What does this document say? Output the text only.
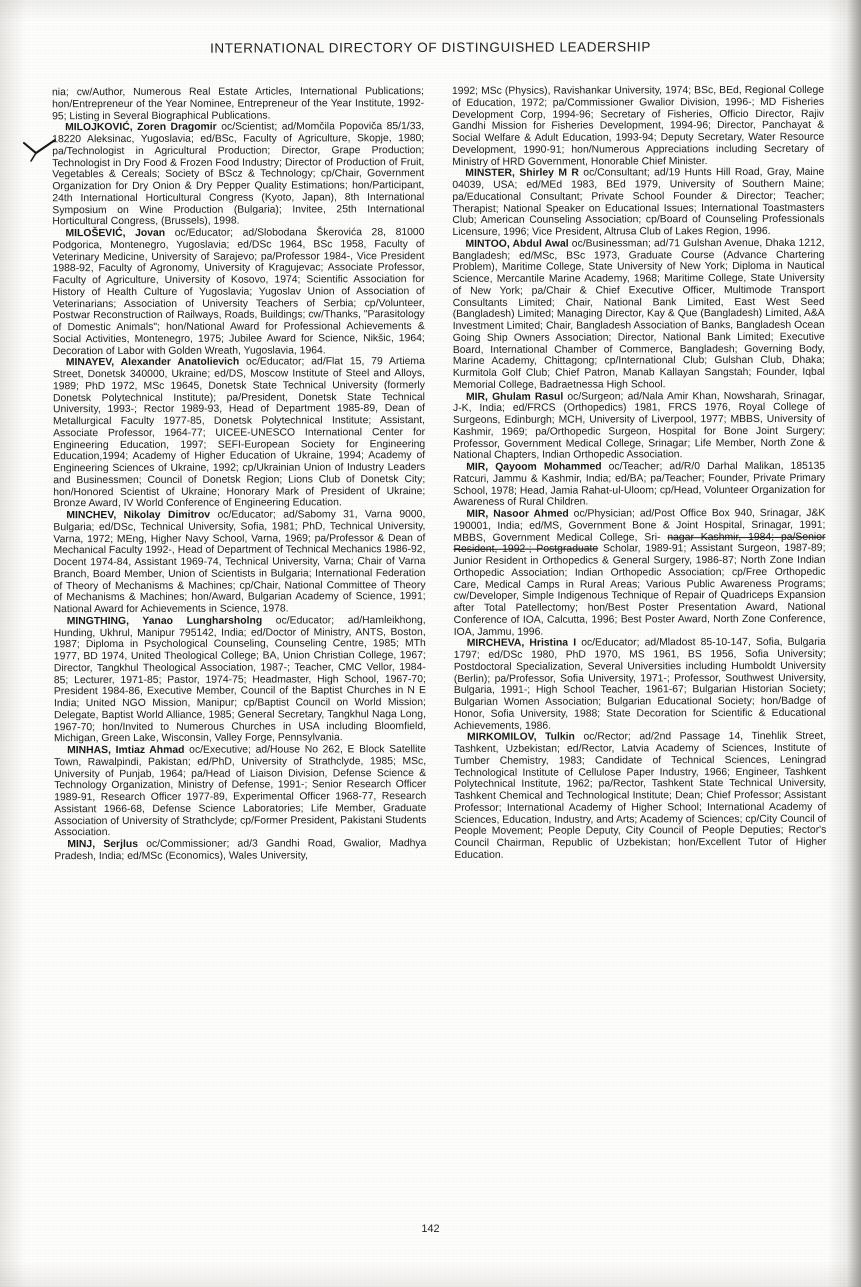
INTERNATIONAL DIRECTORY OF DISTINGUISHED LEADERSHIP

nia; cw/Author, Numerous Real Estate Articles, International Publications; hon/Entrepreneur of the Year Nominee, Entrepreneur of the Year Institute, 1992-95; Listing in Several Biographical Publications.

MILOJKOVIĆ, Zoren Dragomir oc/Scientist; ad/Momčila Popoviča 85/1/33, 18220 Aleksinac, Yugoslavia; ed/BSc, Faculty of Agriculture, Skopje, 1980; pa/Technologist in Agricultural Production; Director, Grape Production; Technologist in Dry Food & Frozen Food Industry; Director of Production of Fruit, Vegetables & Cereals; Society of BScz & Technology; cp/Chair, Government Organization for Dry Onion & Dry Pepper Quality Estimations; hon/Participant, 24th International Horticultural Congress (Kyoto, Japan), 8th International Symposium on Wine Production (Bulgaria); Invitee, 25th International Horticultural Congress, (Brussels), 1998.

MILOŠEVIĆ, Jovan oc/Educator; ad/Slobodana Škerovića 28, 81000 Podgorica, Montenegro, Yugoslavia; ed/DSc 1964, BSc 1958, Faculty of Veterinary Medicine, University of Sarajevo; pa/Professor 1984-, Vice President 1988-92, Faculty of Agronomy, University of Kragujevac; Associate Professor, Faculty of Agriculture, University of Kosovo, 1974; Scientific Association for History of Health Culture of Yugoslavia; Yugoslav Union of Association of Veterinarians; Association of University Teachers of Serbia; cp/Volunteer, Postwar Reconstruction of Railways, Roads, Buildings; cw/Thanks, "Parasitology of Domestic Animals"; hon/National Award for Professional Achievements & Social Activities, Montenegro, 1975; Jubilee Award for Science, Nikšic, 1964; Decoration of Labor with Golden Wreath, Yugoslavia, 1964.

MINAYEV, Alexander Anatolievich oc/Educator; ad/Flat 15, 79 Artiema Street, Donetsk 340000, Ukraine; ed/DS, Moscow Institute of Steel and Alloys, 1989; PhD 1972, MSc 19645, Donetsk State Technical University (formerly Donetsk Polytechnical Institute); pa/President, Donetsk State Technical University, 1993-; Rector 1989-93, Head of Department 1985-89, Dean of Metallurgical Faculty 1977-85, Donetsk Polytechnical Institute; Assistant, Associate Professor, 1964-77; UICEE-UNESCO International Center for Engineering Education, 1997; SEFI-European Society for Engineering Education,1994; Academy of Higher Education of Ukraine, 1994; Academy of Engineering Sciences of Ukraine, 1992; cp/Ukrainian Union of Industry Leaders and Businessmen; Council of Donetsk Region; Lions Club of Donetsk City; hon/Honored Scientist of Ukraine; Honorary Mark of President of Ukraine; Bronze Award, IV World Conference of Engineering Education.

MINCHEV, Nikolay Dimitrov oc/Educator; ad/Sabomy 31, Varna 9000, Bulgaria; ed/DSc, Technical University, Sofia, 1981; PhD, Technical University, Varna, 1972; MEng, Higher Navy School, Varna, 1969; pa/Professor & Dean of Mechanical Faculty 1992-, Head of Department of Technical Mechanics 1986-92, Docent 1974-84, Assistant 1969-74, Technical University, Varna; Chair of Varna Branch, Board Member, Union of Scientists in Bulgaria; International Federation of Theory of Mechanisms & Machines; cp/Chair, National Committee of Theory of Mechanisms & Machines; hon/Award, Bulgarian Academy of Science, 1991; National Award for Achievements in Science, 1978.

MINGTHING, Yanao Lungharsholng oc/Educator; ad/Hamleikhong, Hunding, Ukhrul, Manipur 795142, India; ed/Doctor of Ministry, ANTS, Boston, 1987; Diploma in Psychological Counseling, Counseling Centre, 1985; MTh 1977, BD 1974, United Theological College; BA, Union Christian College, 1967; Director, Tangkhul Theological Association, 1987-; Teacher, CMC Vellor, 1984-85; Lecturer, 1971-85; Pastor, 1974-75; Headmaster, High School, 1967-70; President 1984-86, Executive Member, Council of the Baptist Churches in N E India; United NGO Mission, Manipur; cp/Baptist Council on World Mission; Delegate, Baptist World Alliance, 1985; General Secretary, Tangkhul Naga Long, 1967-70; hon/Invited to Numerous Churches in USA including Bloomfield, Michigan, Green Lake, Wisconsin, Valley Forge, Pennsylvania.

MINHAS, Imtiaz Ahmad oc/Executive; ad/House No 262, E Block Satellite Town, Rawalpindi, Pakistan; ed/PhD, University of Strathclyde, 1985; MSc, University of Punjab, 1964; pa/Head of Liaison Division, Defense Science & Technology Organization, Ministry of Defense, 1991-; Senior Research Officer 1989-91, Research Officer 1977-89, Experimental Officer 1968-77, Research Assistant 1966-68, Defense Science Laboratories; Life Member, Graduate Association of University of Strathclyde; cp/Former President, Pakistani Students Association.

MINJ, Serjlus oc/Commissioner; ad/3 Gandhi Road, Gwalior, Madhya Pradesh, India; ed/MSc (Economics), Wales University,

1992; MSc (Physics), Ravishankar University, 1974; BSc, BEd, Regional College of Education, 1972; pa/Commissioner Gwalior Division, 1996-; MD Fisheries Development Corp, 1994-96; Secretary of Fisheries, Officio Director, Rajiv Gandhi Mission for Fisheries Development, 1994-96; Director, Panchayat & Social Welfare & Adult Education, 1993-94; Deputy Secretary, Water Resource Development, 1990-91; hon/Numerous Appreciations including Secretary of Ministry of HRD Government, Honorable Chief Minister.

MINSTER, Shirley M R oc/Consultant; ad/19 Hunts Hill Road, Gray, Maine 04039, USA; ed/MEd 1983, BEd 1979, University of Southern Maine; pa/Educational Consultant; Private School Founder & Director; Teacher; Therapist; National Speaker on Educational Issues; International Toastmasters Club; American Counseling Association; cp/Board of Counseling Professionals Licensure, 1996; Vice President, Altrusa Club of Lakes Region, 1996.

MINTOO, Abdul Awal oc/Businessman; ad/71 Gulshan Avenue, Dhaka 1212, Bangladesh; ed/MSc, BSc 1973, Graduate Course (Advance Chartering Problem), Maritime College, State University of New York; Diploma in Nautical Science, Mercantile Marine Academy, 1968; Maritime College, State University of New York; pa/Chair & Chief Executive Officer, Multimode Transport Consultants Limited; Chair, National Bank Limited, East West Seed (Bangladesh) Limited; Managing Director, Kay & Que (Bangladesh) Limited, A&A Investment Limited; Chair, Bangladesh Association of Banks, Bangladesh Ocean Going Ship Owners Association; Director, National Bank Limited; Executive Board, International Chamber of Commerce, Bangladesh; Governing Body, Marine Academy, Chittagong; cp/International Club; Gulshan Club, Dhaka; Kurmitola Golf Club; Chief Patron, Manab Kallayan Sangstah; Founder, Iqbal Memorial College, Badraetnessa High School.

MIR, Ghulam Rasul oc/Surgeon; ad/Nala Amir Khan, Nowsharah, Srinagar, J-K, India; ed/FRCS (Orthopedics) 1981, FRCS 1976, Royal College of Surgeons, Edinburgh; MCH, University of Liverpool, 1977; MBBS, University of Kashmir, 1969; pa/Orthopedic Surgeon, Hospital for Bone Joint Surgery; Professor, Government Medical College, Srinagar; Life Member, North Zone & National Chapters, Indian Orthopedic Association.

MIR, Qayoom Mohammed oc/Teacher; ad/R/0 Darhal Malikan, 185135 Ratcuri, Jammu & Kashmir, India; ed/BA; pa/Teacher; Founder, Private Primary School, 1978; Head, Jamia Rahat-ul-Uloom; cp/Head, Volunteer Organization for Awareness of Rural Children.

MIR, Nasoor Ahmed oc/Physician; ad/Post Office Box 940, Srinagar, J&K 190001, India; ed/MS, Government Bone & Joint Hospital, Srinagar, 1991; MBBS, Government Medical College, Sri- nagar Kashmir, 1984; pa/Senior Resident, 1992-; Postgraduate Scholar, 1989-91; Assistant Surgeon, 1987-89; Junior Resident in Orthopedics & General Surgery, 1986-87; North Zone Indian Orthopedic Association; Indian Orthopedic Association; cp/Free Orthopedic Care, Medical Camps in Rural Areas; Various Public Awareness Programs; cw/Developer, Simple Indigenous Technique of Repair of Quadriceps Expansion after Total Patellectomy; hon/Best Poster Presentation Award, National Conference of IOA, Calcutta, 1996; Best Poster Award, North Zone Conference, IOA, Jammu, 1996.

MIRCHEVA, Hristina I oc/Educator; ad/Mladost 85-10-147, Sofia, Bulgaria 1797; ed/DSc 1980, PhD 1970, MS 1961, BS 1956, Sofia University; Postdoctoral Specialization, Several Universities including Humboldt University (Berlin); pa/Professor, Sofia University, 1971-; Professor, Southwest University, Bulgaria, 1991-; High School Teacher, 1961-67; Bulgarian Historian Society; Bulgarian Women Association; Bulgarian Educational Society; hon/Badge of Honor, Sofia University, 1988; State Decoration for Scientific & Educational Achievements, 1986.

MIRKOMILOV, Tulkin oc/Rector; ad/2nd Passage 14, Tinehlik Street, Tashkent, Uzbekistan; ed/Rector, Latvia Academy of Sciences, Institute of Tumber Chemistry, 1983; Candidate of Technical Sciences, Leningrad Technological Institute of Cellulose Paper Industry, 1966; Engineer, Tashkent Polytechnical Institute, 1962; pa/Rector, Tashkent State Technical University, Tashkent Chemical and Technological Institute; Dean; Chief Professor; Assistant Professor; International Academy of Higher School; International Academy of Sciences, Education, Industry, and Arts; Academy of Sciences; cp/City Council of People Movement; People Deputy, City Council of People Deputies; Rector's Council Chairman, Republic of Uzbekistan; hon/Excellent Tutor of Higher Education.

142
